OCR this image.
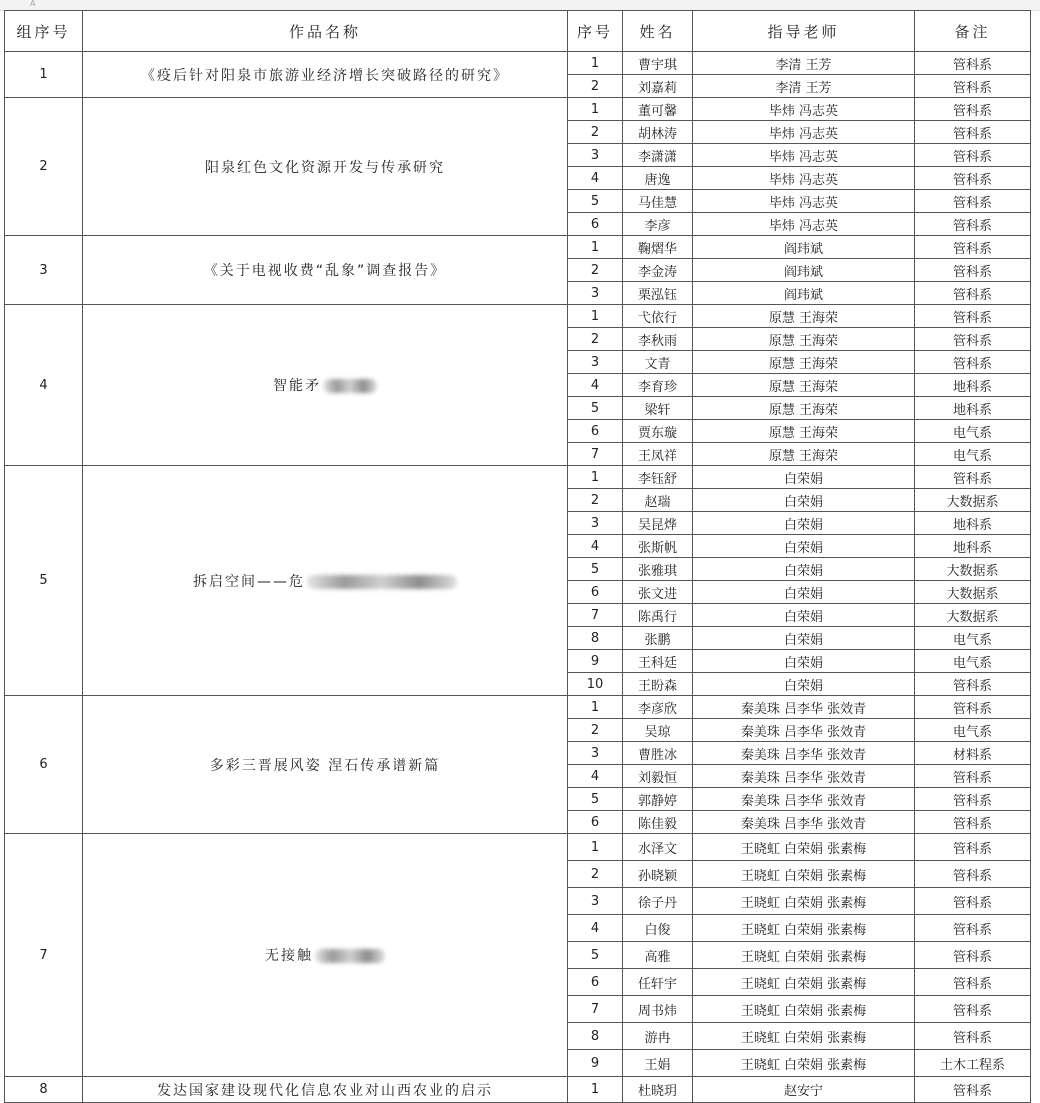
A
组序号	作品名称	序号	姓名	指导老师	备注
1	《疫后针对阳泉市旅游业经济增长突破路径的研究》	1	曹宇琪	李清 王芳	管科系
		2	刘嘉莉	李清 王芳	管科系
2	阳泉红色文化资源开发与传承研究	1	董可馨	毕炜 冯志英	管科系
		2	胡林涛	毕炜 冯志英	管科系
		3	李潇潇	毕炜 冯志英	管科系
		4	唐逸	毕炜 冯志英	管科系
		5	马佳慧	毕炜 冯志英	管科系
		6	李彦	毕炜 冯志英	管科系
3	《关于电视收费“乱象”调查报告》	1	鞠熠华	阎玮斌	管科系
		2	李金涛	阎玮斌	管科系
		3	栗泓钰	阎玮斌	管科系
4	智能矛	1	弋依行	原慧 王海荣	管科系
		2	李秋雨	原慧 王海荣	管科系
		3	文青	原慧 王海荣	管科系
		4	李育珍	原慧 王海荣	地科系
		5	梁轩	原慧 王海荣	地科系
		6	贾东璇	原慧 王海荣	电气系
		7	王凤祥	原慧 王海荣	电气系
5	拆启空间——危	1	李钰舒	白荣娟	管科系
		2	赵瑞	白荣娟	大数据系
		3	吴昆烨	白荣娟	地科系
		4	张斯帆	白荣娟	地科系
		5	张雅琪	白荣娟	大数据系
		6	张文进	白荣娟	大数据系
		7	陈禹行	白荣娟	大数据系
		8	张鹏	白荣娟	电气系
		9	王科廷	白荣娟	电气系
		10	王盼森	白荣娟	管科系
6	多彩三晋展风姿 涅石传承谱新篇	1	李彦欣	秦美珠 吕李华 张效青	管科系
		2	吴琼	秦美珠 吕李华 张效青	电气系
		3	曹胜冰	秦美珠 吕李华 张效青	材料系
		4	刘毅恒	秦美珠 吕李华 张效青	管科系
		5	郭静婷	秦美珠 吕李华 张效青	管科系
		6	陈佳毅	秦美珠 吕李华 张效青	管科系
7	无接触	1	水泽文	王晓虹 白荣娟 张素梅	管科系
		2	孙晓颖	王晓虹 白荣娟 张素梅	管科系
		3	徐子丹	王晓虹 白荣娟 张素梅	管科系
		4	白俊	王晓虹 白荣娟 张素梅	管科系
		5	高雅	王晓虹 白荣娟 张素梅	管科系
		6	任轩宇	王晓虹 白荣娟 张素梅	管科系
		7	周书炜	王晓虹 白荣娟 张素梅	管科系
		8	游冉	王晓虹 白荣娟 张素梅	管科系
		9	王娟	王晓虹 白荣娟 张素梅	土木工程系
8	发达国家建设现代化信息农业对山西农业的启示	1	杜晓玥	赵安宁	管科系
